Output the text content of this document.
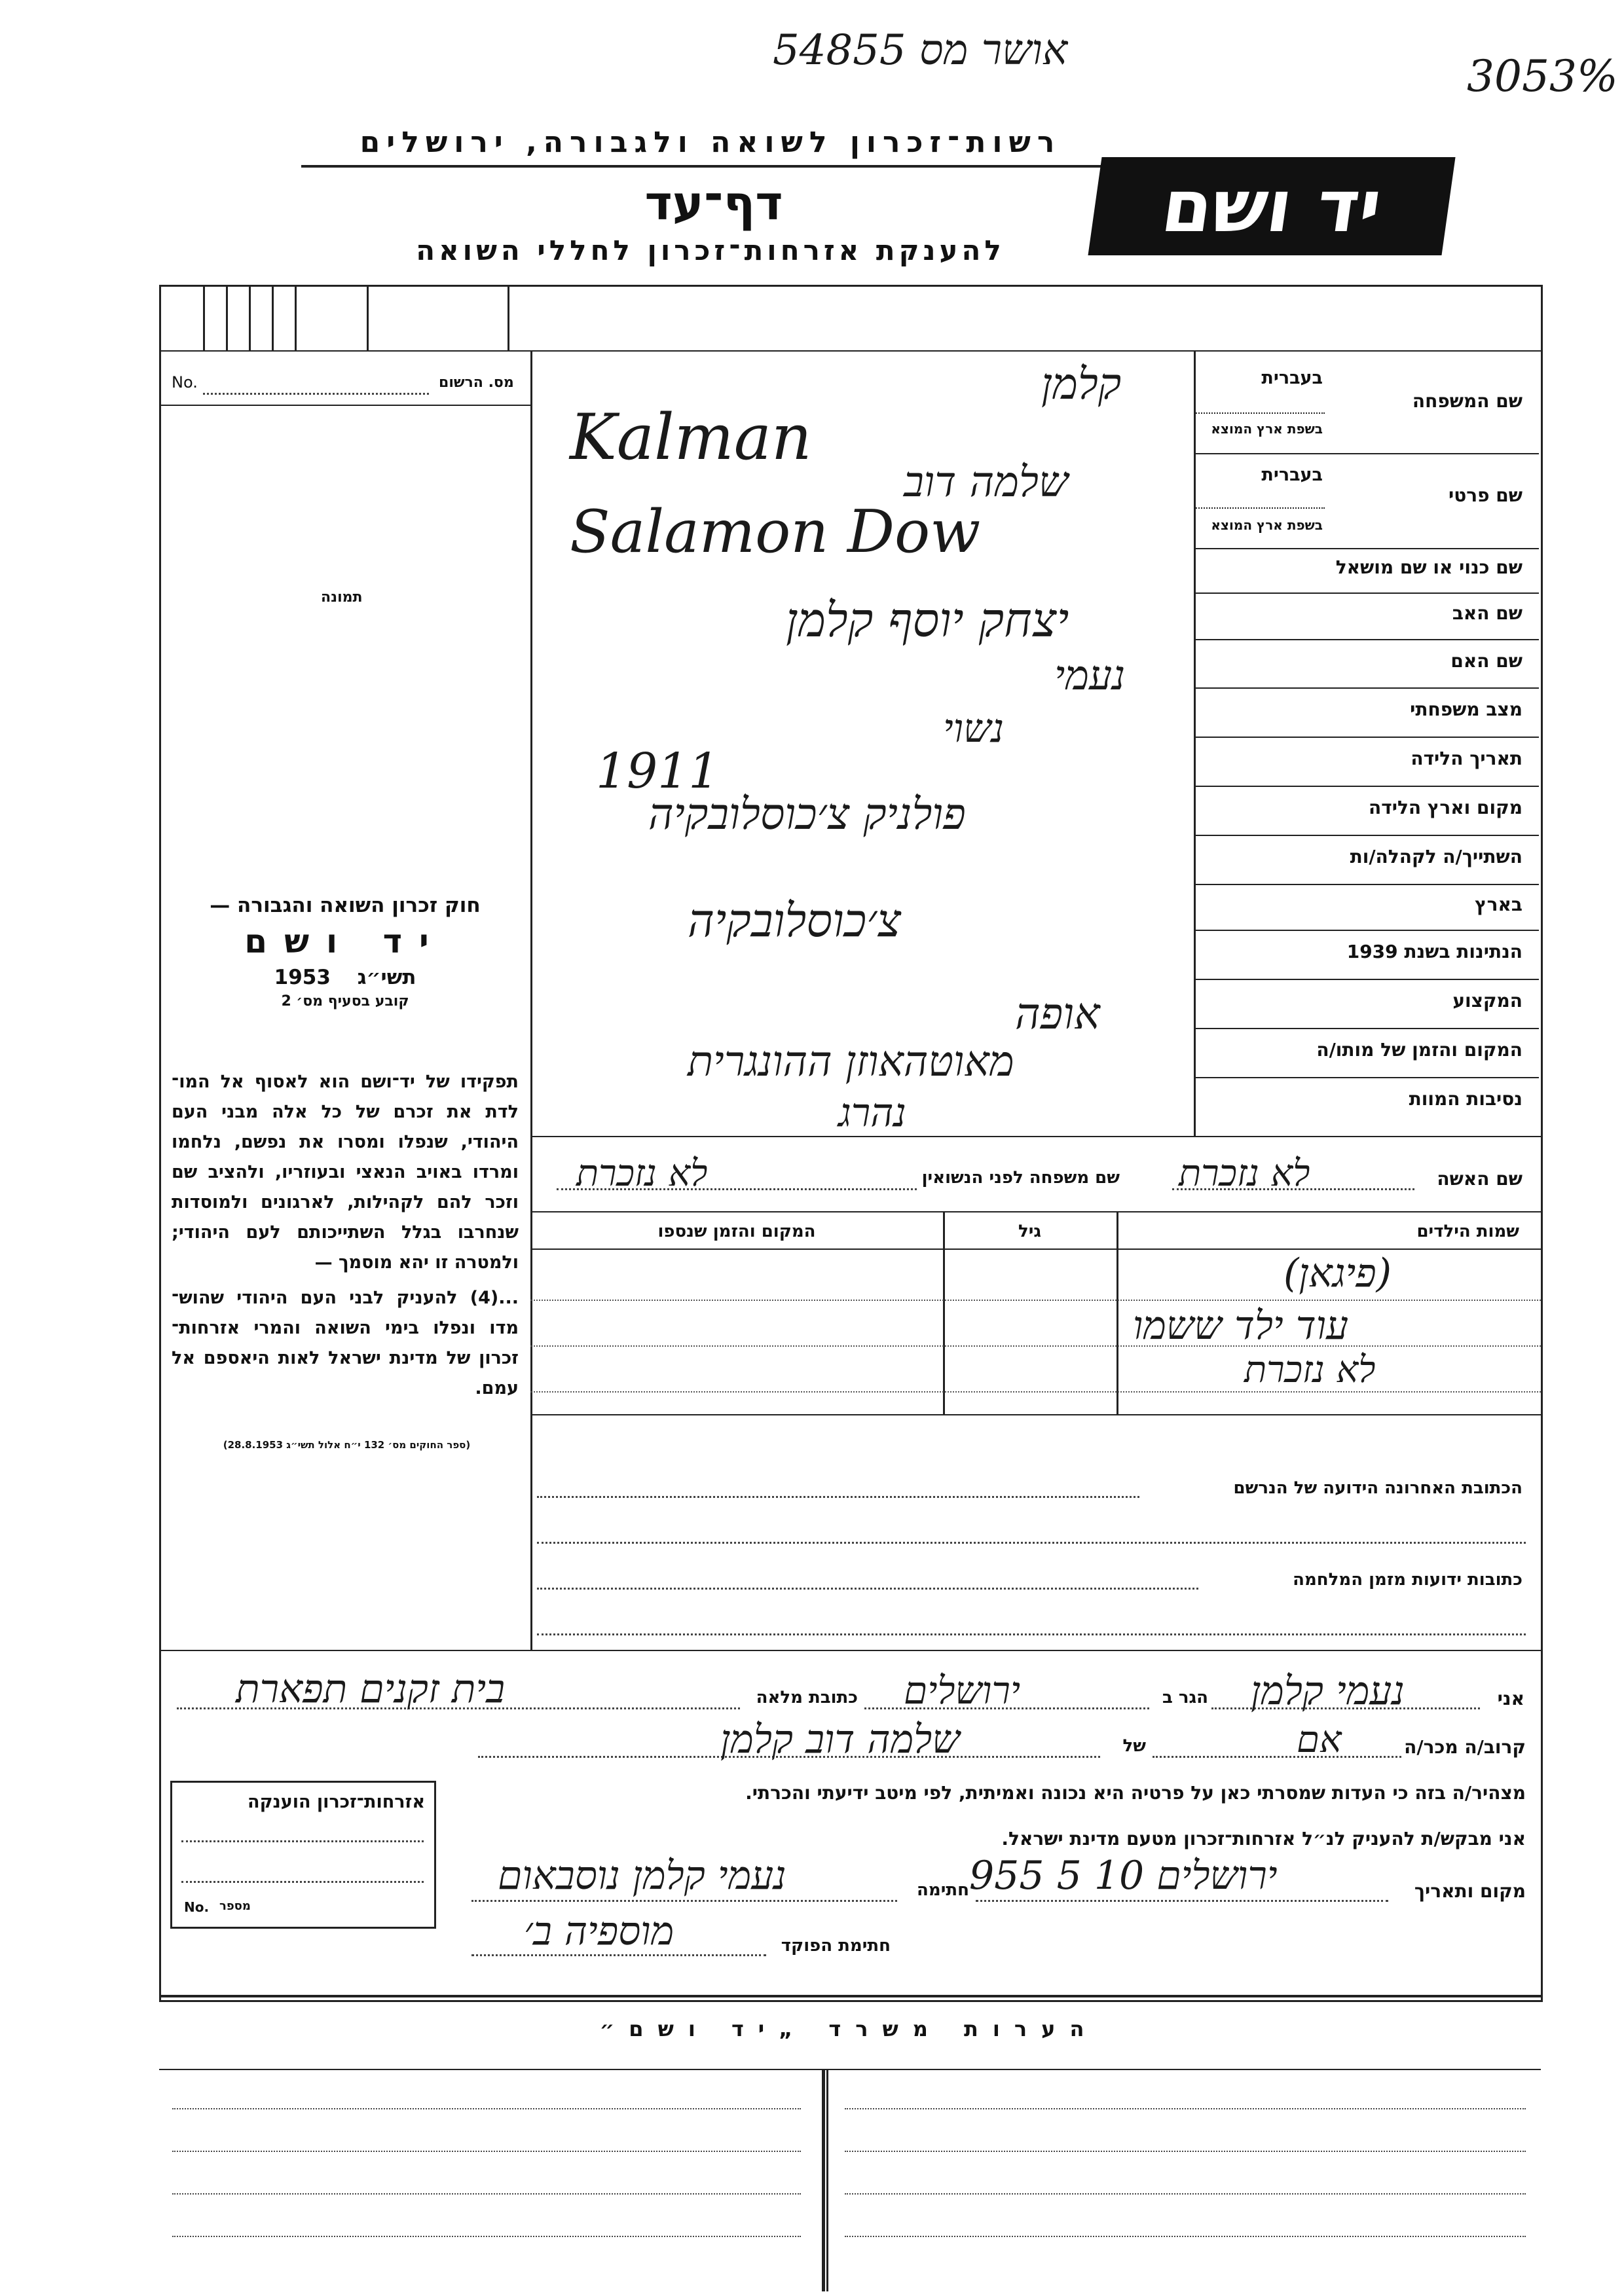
54855 אושר מס
3053%
רשות־זכרון לשואה ולגבורה, ירושלים
דף־עד
להענקת אזרחות־זכרון לחללי השואה
יד ושם
No.	מס. הרשום
תמונה
חוק זכרון השואה והגבורה —
יד ושם
1953 תשי״ג
קובע בסעיף מס׳ 2
תפקידו של יד־ושם הוא לאסוף אל המו־ לדת את זכרם של כל אלה מבני העם היהודי, שנפלו ומסרו את נפשם, נלחמו ומרדו באויב הנאצי ובעוזריו, ולהציב שם וזכר להם לקהילות, לארגונים ולמוסדות שנחרבו בגלל השתייכותם לעם היהודי; ולמטרה זו יהא מוסמך —
...(4) להעניק לבני העם היהודי שהוש־ מדו ונפלו בימי השואה והמרי אזרחות־ זכרון של מדינת ישראל לאות היאספם אל עמם.
(ספר החוקים מס׳ 132 י״ח אלול תשי״ג 28.8.1953)
שם המשפחה
בעברית
בשפת ארץ המוצא
קלמן
Kalman
שם פרטי
בעברית
בשפת ארץ המוצא
שלמה דוב
Salamon Dow
שם כנוי או שם מושאל
שם האב
שם האם
מצב משפחתי
תאריך הלידה
מקום וארץ הלידה
השתייך/ה לקהלה/ות
בארץ
הנתינות בשנת 1939
המקצוע
המקום והזמן של מותו/ה
נסיבות המוות
יצחק יוסף קלמן
נעמי
נשוי
1911
פולניק צ׳כוסלובקיה
צ׳כוסלובקיה
אופה
מאוטהאוזן ההונגרית
נהרג
שם האשה
לא נזכרת
שם משפחה לפני הנשואין
לא נזכרת
שמות הילדים
גיל
המקום והזמן שנספו
(פיגאן)
עוד ילד ששמו
לא נזכרת
הכתובת האחרונה הידועה של הנרשם
כתובות ידועות מזמן המלחמה
אני
נעמי קלמן
הגר ב
ירושלים
כתובת מלאה
בית זקנים תפארת
קרוב/ה מכר/ה
אם
של
שלמה דוב קלמן
מצהיר/ה בזה כי העדות שמסרתי כאן על פרטיה היא נכונה ואמיתית, לפי מיטב ידיעתי והכרתי.
אני מבקש/ת להעניק לנ״ל אזרחות־זכרון מטעם מדינת ישראל.
מקום ותאריך
ירושלים 10 5 955
חתימה
נעמי קלמן נוסבאום
חתימת הפוקד
מוספיה ב׳
אזרחות־זכרון הוענקה
No. מספר
הערות משרד „יד ושם״
